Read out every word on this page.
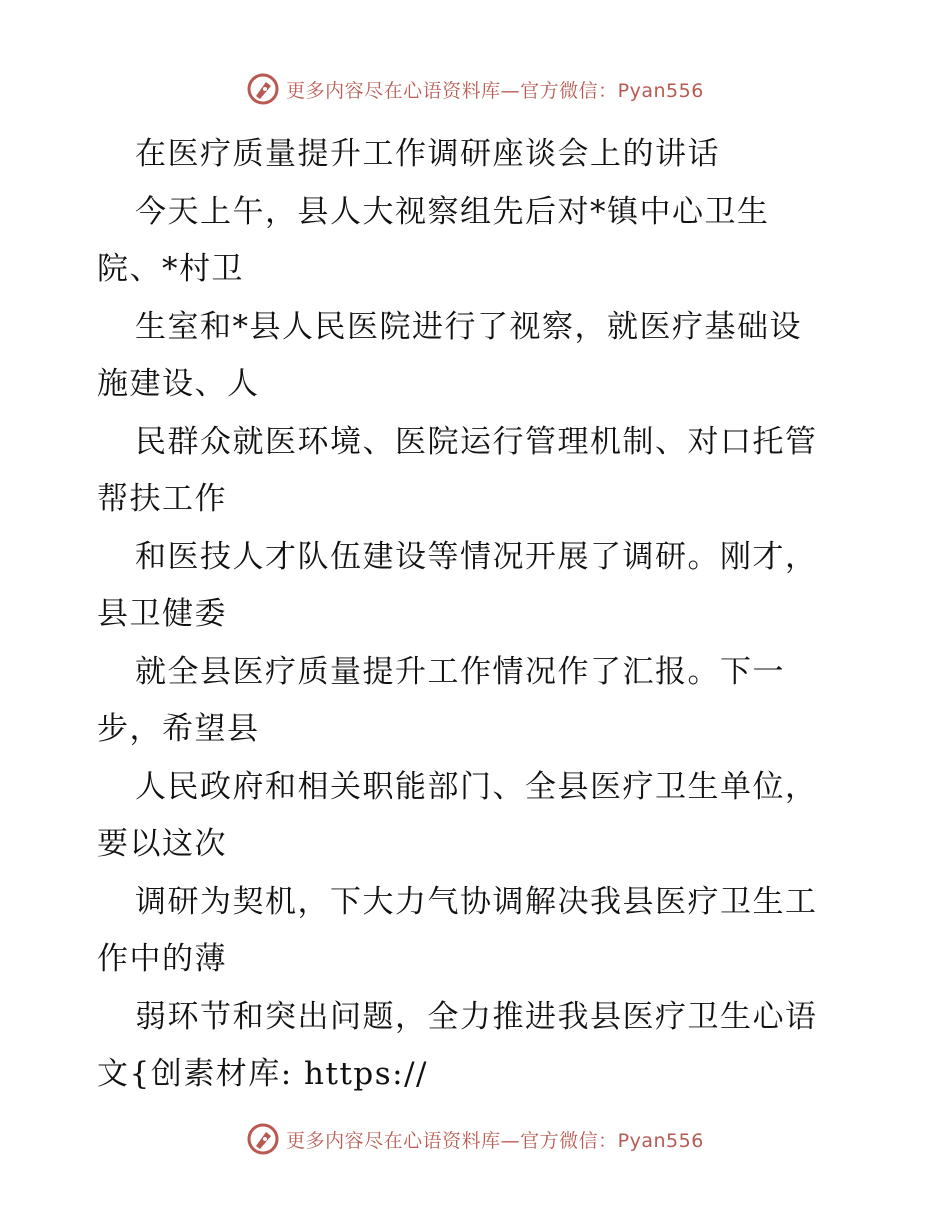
更多内容尽在心语资料库—官方微信：Pyan556
在医疗质量提升工作调研座谈会上的讲话
今天上午，县人大视察组先后对*镇中心卫生
院、*村卫
生室和*县人民医院进行了视察，就医疗基础设
施建设、人
民群众就医环境、医院运行管理机制、对口托管
帮扶工作
和医技人才队伍建设等情况开展了调研。刚才，
县卫健委
就全县医疗质量提升工作情况作了汇报。下一
步，希望县
人民政府和相关职能部门、全县医疗卫生单位，
要以这次
调研为契机，下大力气协调解决我县医疗卫生工
作中的薄
弱环节和突出问题，全力推进我县医疗卫生心语
文{创素材库: https://
更多内容尽在心语资料库—官方微信：Pyan556
